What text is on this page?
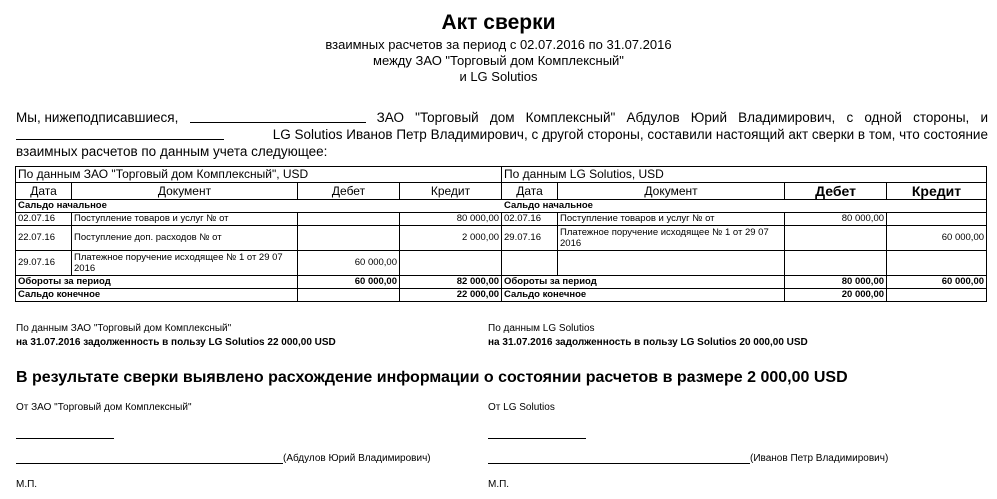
Акт сверки
взаимных расчетов за период с 02.07.2016 по 31.07.2016
между ЗАО "Торговый дом Комплексный"
и LG Solutios
Мы, нижеподписавшиеся,	ЗАО "Торговый дом Комплексный" Абдулов Юрий Владимирович, с одной стороны, и
LG Solutios Иванов Петр Владимирович, с другой стороны, составили настоящий акт сверки в том, что состояние
взаимных расчетов по данным учета следующее:
По данным ЗАО "Торговый дом Комплексный", USD				По данным LG Solutios, USD			
Дата	Документ	Дебет	Кредит	Дата	Документ	Дебет	Кредит
Сальдо начальное				Сальдо начальное			
02.07.16	Поступление товаров и услуг № от		80 000,00	02.07.16	Поступление товаров и услуг № от	80 000,00	
22.07.16	Поступление доп. расходов № от		2 000,00	29.07.16	Платежное поручение исходящее № 1 от 29 07 2016		60 000,00
29.07.16	Платежное поручение исходящее № 1 от 29 07 2016	60 000,00					
Обороты за период		60 000,00	82 000,00	Обороты за период		80 000,00	60 000,00
Сальдо конечное			22 000,00	Сальдо конечное		20 000,00	
По данным ЗАО "Торговый дом Комплексный"
на 31.07.2016 задолженность в пользу LG Solutios 22 000,00 USD
По данным LG Solutios
на 31.07.2016 задолженность в пользу LG Solutios 20 000,00 USD
В результате сверки выявлено расхождение информации о состоянии расчетов в размере 2 000,00 USD
От ЗАО "Торговый дом Комплексный"	От LG Solutios
(Абдулов Юрий Владимирович)	(Иванов Петр Владимирович)
М.П.	М.П.
